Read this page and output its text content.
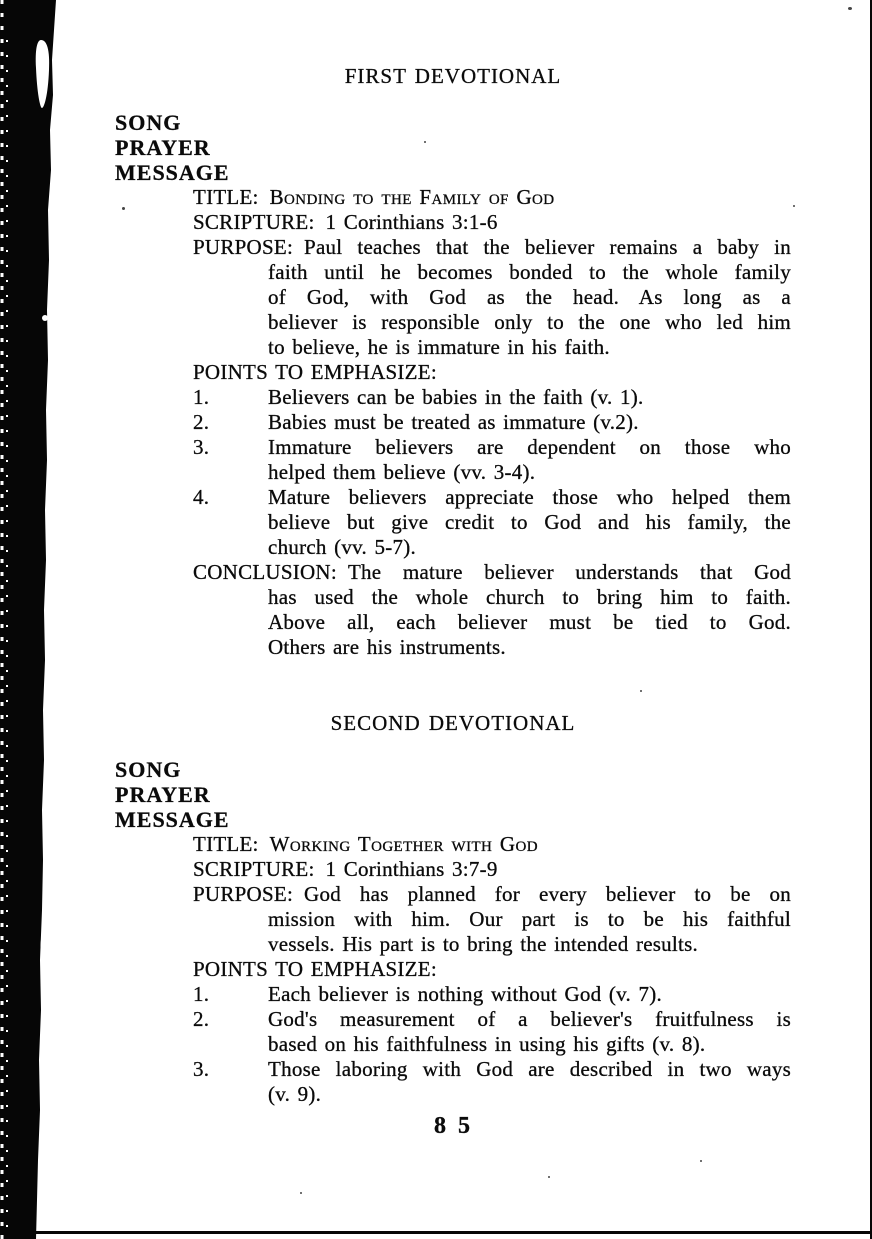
FIRST DEVOTIONAL
SONG
PRAYER
MESSAGE
TITLE: Bonding to the Family of God
SCRIPTURE: 1 Corinthians 3:1-6
PURPOSE: Paul teaches that the believer remains a baby in
faith until he becomes bonded to the whole family
of God, with God as the head. As long as a
believer is responsible only to the one who led him
to believe, he is immature in his faith.
POINTS TO EMPHASIZE:
1.	Believers can be babies in the faith (v. 1).
2.	Babies must be treated as immature (v.2).
3.	Immature believers are dependent on those who
helped them believe (vv. 3-4).
4.	Mature believers appreciate those who helped them
believe but give credit to God and his family, the
church (vv. 5-7).
CONCLUSION: The mature believer understands that God
has used the whole church to bring him to faith.
Above all, each believer must be tied to God.
Others are his instruments.
SECOND DEVOTIONAL
SONG
PRAYER
MESSAGE
TITLE: Working Together with God
SCRIPTURE: 1 Corinthians 3:7-9
PURPOSE: God has planned for every believer to be on
mission with him. Our part is to be his faithful
vessels. His part is to bring the intended results.
POINTS TO EMPHASIZE:
1.	Each believer is nothing without God (v. 7).
2.	God's measurement of a believer's fruitfulness is
based on his faithfulness in using his gifts (v. 8).
3.	Those laboring with God are described in two ways
(v. 9).
8 5
